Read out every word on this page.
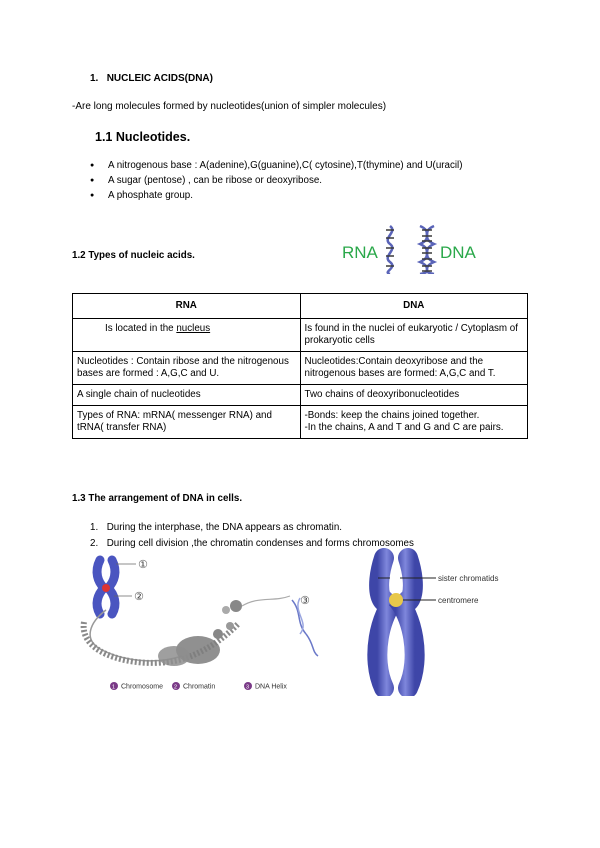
1. NUCLEIC ACIDS(DNA)
-Are long molecules formed by nucleotides(union of simpler molecules)
1.1 Nucleotides.
● A nitrogenous base : A(adenine),G(guanine),C( cytosine),T(thymine) and U(uracil)
● A sugar (pentose) , can be ribose or deoxyribose.
● A phosphate group.
1.2 Types of nucleic acids.	RNA	DNA
RNA	DNA
Is located in the nucleus	Is found in the nuclei of eukaryotic / Cytoplasm of prokaryotic cells
Nucleotides : Contain ribose and the nitrogenous bases are formed : A,G,C and U.	Nucleotides:Contain deoxyribose and the nitrogenous bases are formed: A,G,C and T.
A single chain of nucleotides	Two chains of deoxyribonucleotides
Types of RNA: mRNA( messenger RNA) and tRNA( transfer RNA)	-Bonds: keep the chains joined together.
-In the chains, A and T and G and C are pairs.
1.3 The arrangement of DNA in cells.
1. During the interphase, the DNA appears as chromatin.
2. During cell division ,the chromatin condenses and forms chromosomes
①
②	③
1 Chromosome 2 Chromatin	3 DNA Helix
sister chromatids
centromere
